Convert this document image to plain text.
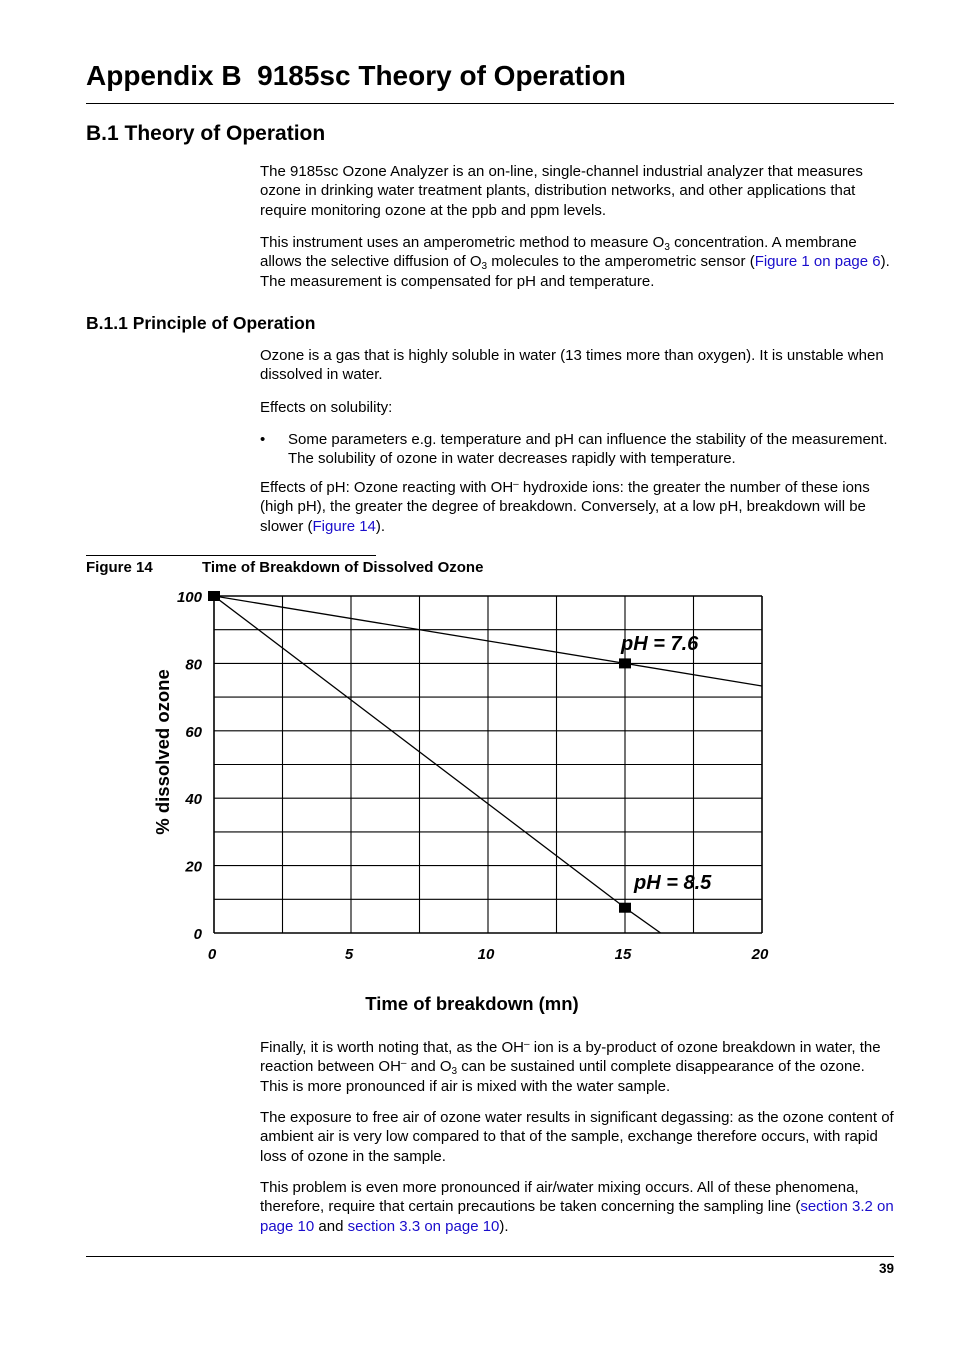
Appendix B 9185sc Theory of Operation
B.1 Theory of Operation
The 9185sc Ozone Analyzer is an on-line, single-channel industrial analyzer that measures ozone in drinking water treatment plants, distribution networks, and other applications that require monitoring ozone at the ppb and ppm levels.
This instrument uses an amperometric method to measure $O_3$ concentration. A membrane allows the selective diffusion of $O_3$ molecules to the amperometric sensor (Figure 1 on page 6). The measurement is compensated for pH and temperature.
B.1.1 Principle of Operation
Ozone is a gas that is highly soluble in water (13 times more than oxygen). It is unstable when dissolved in water.
Effects on solubility:
• Some parameters e.g. temperature and pH can influence the stability of the measurement. The solubility of ozone in water decreases rapidly with temperature.
Effects of pH: Ozone reacting with OH– hydroxide ions: the greater the number of these ions (high pH), the greater the degree of breakdown. Conversely, at a low pH, breakdown will be slower (Figure 14).
Figure 14	Time of Breakdown of Dissolved Ozone
0
20
40
60
80
100
0	5	10	15	20
Time of breakdown (mn)
% dissolved ozone
pH = 7.6
pH = 8.5
Finally, it is worth noting that, as the OH– ion is a by-product of ozone breakdown in water, the reaction between OH– and $O_3$ can be sustained until complete disappearance of the ozone. This is more pronounced if air is mixed with the water sample.
The exposure to free air of ozone water results in significant degassing: as the ozone content of ambient air is very low compared to that of the sample, exchange therefore occurs, with rapid loss of ozone in the sample.
This problem is even more pronounced if air/water mixing occurs. All of these phenomena, therefore, require that certain precautions be taken concerning the sampling line (section 3.2 on page 10 and section 3.3 on page 10).
39
